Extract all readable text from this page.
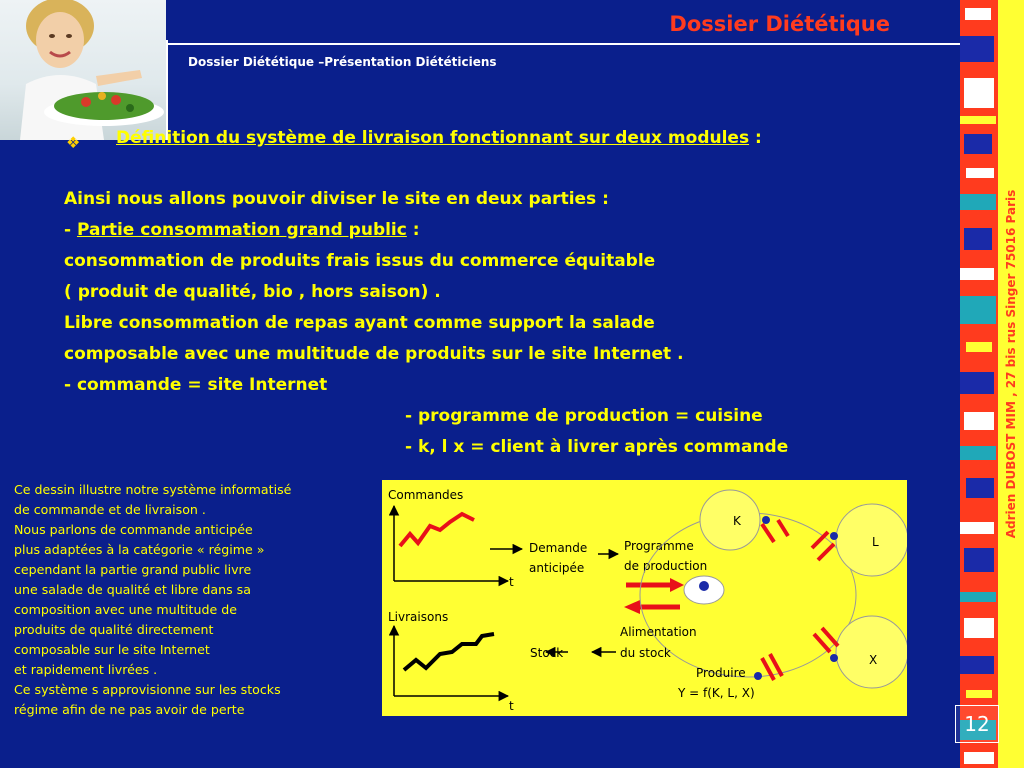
Dossier Diététique
Dossier Diététique –Présentation Diététiciens
❖ Définition du système de livraison fonctionnant sur deux modules :
Ainsi nous allons pouvoir diviser le site en deux parties :
- Partie consommation grand public :
consommation de produits frais issus du commerce équitable
( produit de qualité, bio , hors saison) .
Libre consommation de repas ayant comme support la salade
composable avec une multitude de produits sur le site Internet .
- commande = site Internet
- programme de production = cuisine
- k, l x = client à livrer après commande
Ce dessin illustre notre système informatisé
de commande et de livraison .
Nous parlons de commande anticipée
plus adaptées à la catégorie « régime »
cependant la partie grand public livre
une salade de qualité et libre dans sa
composition avec une multitude de
produits de qualité directement
composable sur le site Internet
et rapidement livrées .
Ce système s approvisionne sur les stocks
régime afin de ne pas avoir de perte
Commandes
t
Livraisons
t
Demande
anticipée
Programme
de production
Stock
Alimentation
du stock
K
L
X
Produire
Y = f(K, L, X)
Adrien DUBOST MIM , 27 bis rus Singer 75016 Paris
12
